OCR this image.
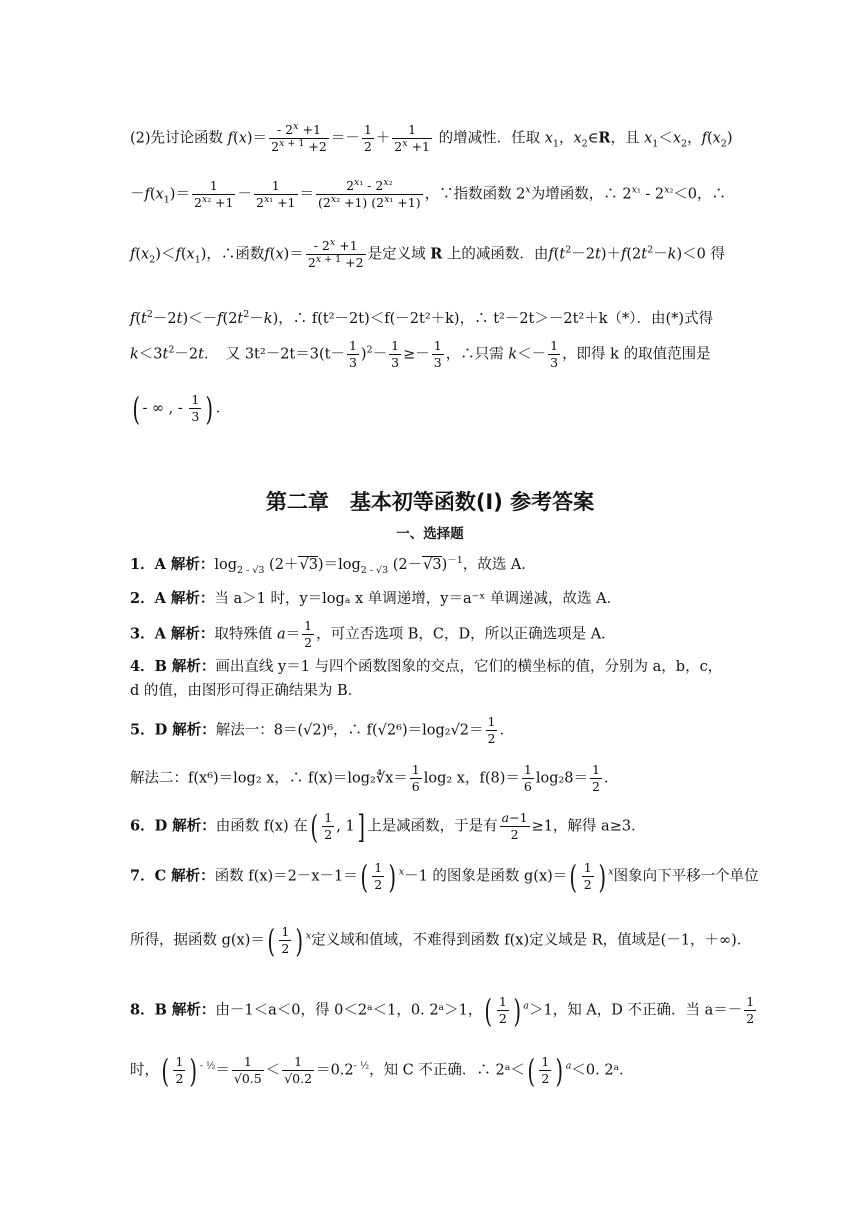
(2)先讨论函数 $f(x)= \frac{- 2^x +1}{2^{x + 1} +2} =- \frac{1}{2} + \frac{1}{2^x +1}$ 的增减性．任取 $x_1$，$x_2\in R$，且 $x_1<x_2$，$f(x_2)$
$-f(x_1)= \frac{1}{2^{x_2} +1} - \frac{1}{2^{x_1} +1} = \frac{2^{x_1} - 2^{x_2}}{(2^{x_2} +1) (2^{x_1} +1)}$ ，∵指数函数 2$^x$为增函数，∴ $2^{x_1} - 2^{x_2}<0$，∴
$f(x_2)<f(x_1)$，∴函数$f(x)= \frac{- 2^x +1}{2^{x + 1} +2}$ 是定义域 R 上的减函数．由$f(t^2-2t)+f(2t^2-k)<0$ 得
$f(t^2-2t)<-f(2t^2-k)$，∴ f(t²－2t)＜f(－2t²＋k)，∴ t²－2t＞－2t²＋k（*）．由(*)式得
$k<3t^2-2t$．　又 $3t^2-2t=3(t- \frac{1}{3} )^2- \frac{1}{3} \ge- \frac{1}{3}$ ，∴只需 $k<- \frac{1}{3}$ ，即得 k 的取值范围是
( - ∞ , - $\frac{1}{3}$ ) ．
第二章　基本初等函数(Ⅰ) 参考答案
一、选择题
1．A 解析：$\log_{2 - √3} (2+√3)=\log_{2 - √3}$ $(2-√3)^{-1}$，故选 A．
2．A 解析：当 a＞1 时，y＝logₐ x 单调递增，y＝a⁻ˣ 单调递减，故选 A．
3．A 解析：取特殊值 $a= \frac{1}{2}$ ，可立否选项 B，C，D，所以正确选项是 A．
4．B 解析：画出直线 y＝1 与四个函数图象的交点，它们的横坐标的值，分别为 a，b，c，
d 的值，由图形可得正确结果为 B．
5．D 解析：解法一：8＝(√2)⁶，∴ $f(√2^6)=\log_2√2= \frac{1}{2}$ ．
解法二：f(x⁶)＝log₂ x，∴ f(x)＝log₂∜x＝ $\frac{1}{6} \log_2$ x，$f(8)= \frac{1}{6} \log_28= \frac{1}{2}$ ．
6．D 解析：由函数 f(x) 在( $\frac{1}{2}$ , 1] 上是减函数，于是有 $\frac{a-1}{2} \ge 1$，解得 a≥3．
7．C 解析：函数 $f(x)=2-x-1=( \frac{1}{2}$ ) $^x$－1 的图象是函数 $g(x)=( \frac{1}{2}$ ) $^x$图象向下平移一个单位
所得，据函数 $g(x)=( \frac{1}{2}$ ) $^x$定义域和值域，不难得到函数 f(x)定义域是 R，值域是(－1，＋∞)．
8．B 解析：由－1＜a＜0，得 0＜2ᵃ＜1，0. 2ᵃ＞1，( $\frac{1}{2}$ ) $^a$＞1，知 A，D 不正确．当 $a=- \frac{1}{2}$
时，( $\frac{1}{2}$ ) $^{- \frac{1}{2}}= \frac{1}{√0.5} < \frac{1}{√0.2} =0.2^{- \frac{1}{2}}$，知 C 不正确．∴ 2ᵃ＜( $\frac{1}{2}$ ) $^a$＜0. 2ᵃ．
